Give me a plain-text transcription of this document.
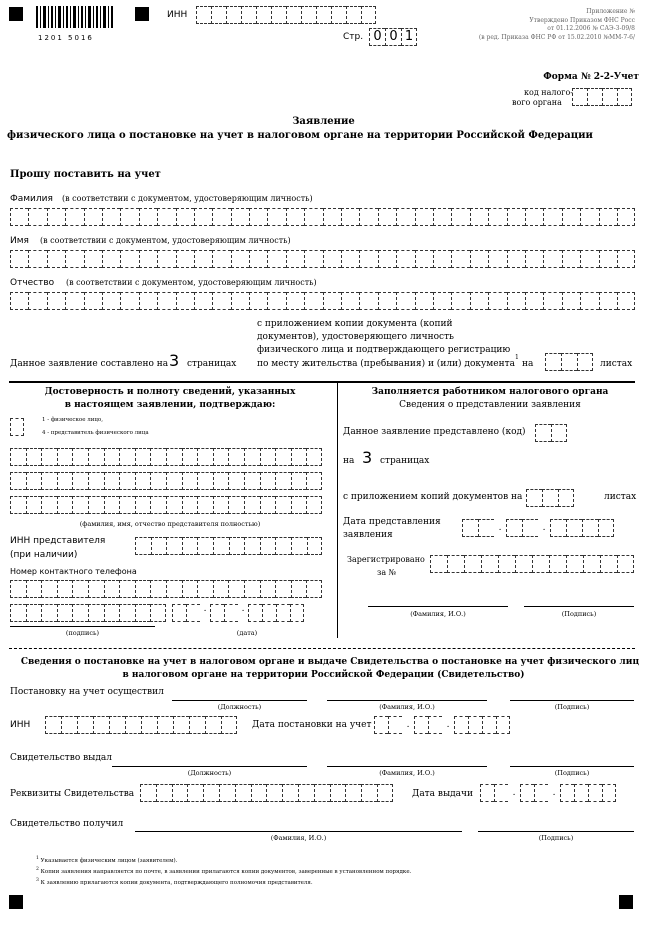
1201 5016
ИНН
Стр. 0 0 1
Приложение №
Утверждено Приказом ФНС Росс
от 01.12.2006 № САЭ-3-09/8
(в ред. Приказа ФНС РФ от 15.02.2010 №ММ-7-6/
Форма № 2-2-Учет
код налого-
вого органа
Заявление
физического лица о постановке на учет в налоговом органе на территории Российской Федерации
Прошу поставить на учет
Фамилия (в соответствии с документом, удостоверяющим личность)
Имя (в соответствии с документом, удостоверяющим личность)
Отчество (в соответствии с документом, удостоверяющим личность)
Данное заявление составлено на 3 страницах
с приложением копии документа (копий
документов), удостоверяющего личность
физического лица и подтверждающего регистрацию
по месту жительства (пребывания) и (или) документа
1
на	листах
Достоверность и полноту сведений, указанных
в настоящем заявлении, подтверждаю:
1 - физическое лицо,
4 - представитель физического лица
(фамилия, имя, отчество представителя полностью)
ИНН представителя
(при наличии)
Номер контактного телефона
.	.
(подпись)	(дата)
Заполняется работником налогового органа
Сведения о представлении заявления
Данное заявление представлено (код)
на 3 страницах
с приложением копий документов на	листах
Дата представления
заявления
.	.
Зарегистрировано
за №
(Фамилия, И.О.)	(Подпись)
Сведения о постановке на учет в налоговом органе и выдаче Свидетельства о постановке на учет физического лиц
в налоговом органе на территории Российской Федерации (Свидетельство)
Постановку на учет осуществил
(Должность)	(Фамилия, И.О.)	(Подпись)
ИНН	Дата постановки на учет	.	.
Свидетельство выдал
(Должность)	(Фамилия, И.О.)	(Подпись)
Реквизиты Свидетельства	Дата выдачи	.	.
Свидетельство получил
(Фамилия, И.О.)	(Подпись)
$^1$ Указывается физическим лицом (заявителем).
$^2$ Копии заявления направляется по почте, в заявлении прилагаются копии документов, заверенные в установленном порядке.
$^3$ К заявлению прилагаются копии документа, подтверждающего полномочия представителя.
